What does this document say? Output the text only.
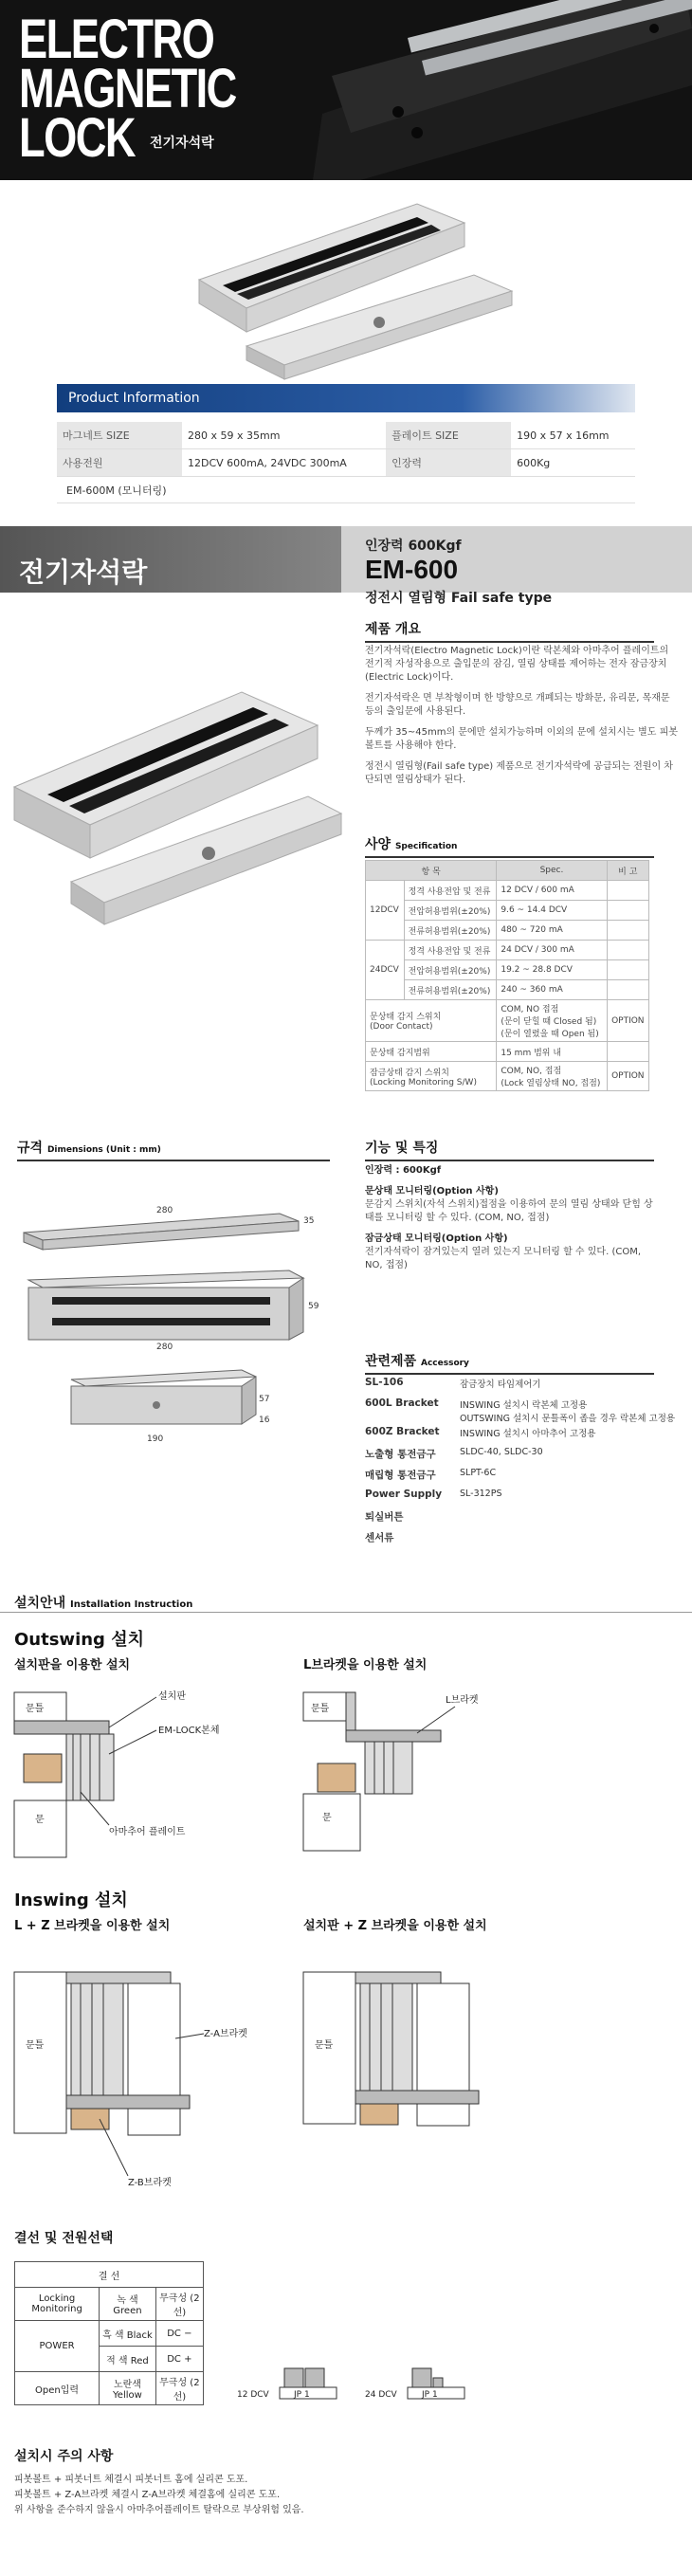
ELECTRO
MAGNETIC
LOCK	전기자석락
Product Information
마그네트 SIZE	280 x 59 x 35mm	플레이트 SIZE	190 x 57 x 16mm
사용전원	12DCV 600mA, 24VDC 300mA	인장력	600Kg
EM-600M (모니터링)
전기자석락
인장력 600Kgf
EM-600
정전시 열림형 Fail safe type
제품 개요

전기자석락(Electro Magnetic Lock)이란 락본체와 아마추어 플레이트의 전기적 자성작용으로 출입문의 잠김, 열림 상태를 제어하는 전자 잠금장치(Electric Lock)이다.

전기자석락은 면 부착형이며 한 방향으로 개폐되는 방화문, 유리문, 목재문 등의 출입문에 사용된다.

두께가 35~45mm의 문에만 설치가능하며 이외의 문에 설치시는 별도 피봇볼트를 사용해야 한다.

정전시 열림형(Fail safe type) 제품으로 전기자석락에 공급되는 전원이 차단되면 열림상태가 된다.

사양 Specification
항 목		Spec.	비 고
12DCV	정격 사용전압 및 전류	12 DCV / 600 mA	
	전압허용범위(±20%)	9.6 ~ 14.4 DCV	
	전류허용범위(±20%)	480 ~ 720 mA	
24DCV	정격 사용전압 및 전류	24 DCV / 300 mA	
	전압허용범위(±20%)	19.2 ~ 28.8 DCV	
	전류허용범위(±20%)	240 ~ 360 mA	
문상태 감지 스위치
(Door Contact)		COM, NO 접점
(문이 닫힐 때 Closed 됨)
(문이 열렸을 때 Open 됨)	OPTION
문상태 감지범위		15 mm 범위 내	
잠금상태 감지 스위치
(Locking Monitoring S/W)		COM, NO, 접점
(Lock 열림상태 NO, 접점)	OPTION
규격 Dimensions (Unit : mm)
280
35
280
59
190
57
16
기능 및 특징
인장력 : 600Kgf
문상태 모니터링(Option 사항)
문감지 스위치(자석 스위치)접점을 이용하여 문의 열림 상태와 닫힘 상태를 모니터링 할 수 있다. (COM, NO, 접점)
잠금상태 모니터링(Option 사항)
전기자석락이 잠겨있는지 열려 있는지 모니터링 할 수 있다. (COM, NO, 접점)
관련제품 Accessory
SL-106	잠금장치 타임제어기
600L Bracket	INSWING 설치시 락본체 고정용
OUTSWING 설치시 문틀폭이 좁을 경우 락본체 고정용
600Z Bracket	INSWING 설치시 아마추어 고정용
노출형 통전금구	SLDC-40, SLDC-30
매립형 통전금구	SLPT-6C
Power Supply	SL-312PS
퇴실버튼
센서류
설치안내 Installation Instruction
Outswing 설치
설치판을 이용한 설치	L브라켓을 이용한 설치
문틀
문
설치판
EM-LOCK본체
아마추어 플레이트
문틀
문
L브라켓
Inswing 설치
L + Z 브라켓을 이용한 설치	설치판 + Z 브라켓을 이용한 설치
문틀
Z-A브라켓
Z-B브라켓
문틀
결선 및 전원선택
결 선		
Locking Monitoring	녹 색 Green	무극성 (2선)
POWER	흑 색 Black	DC −
	적 색 Red	DC +
Open입력	노란색 Yellow	무극성 (2선)	12 DCV	JP 1	24 DCV	JP 1
설치시 주의 사항
피봇볼트 + 피봇너트 체결시 피봇너트 홈에 실리콘 도포.
피봇볼트 + Z-A브라켓 체결시 Z-A브라켓 체결홈에 실리콘 도포.
위 사항을 준수하지 않을시 아마추어플레이트 탈락으로 부상위험 있음.
